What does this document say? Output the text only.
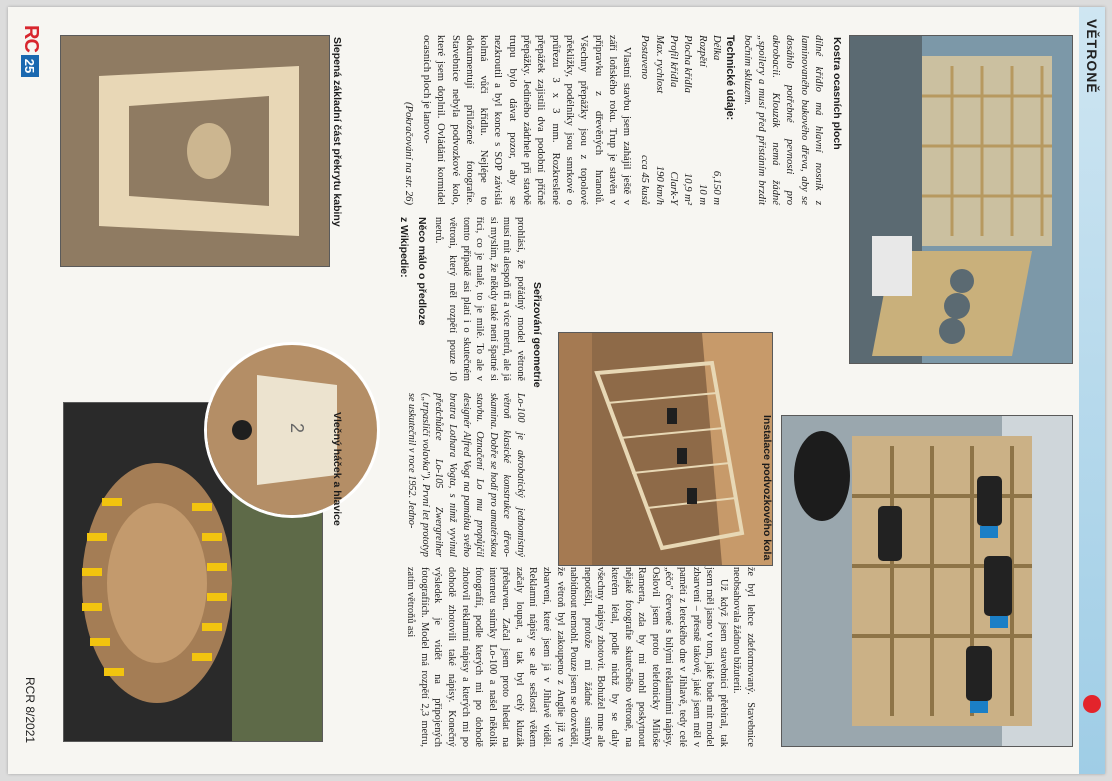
VĚTRONĚ
2
Kostra ocasních ploch
Instalace podvozkového kola
Seřizování geometrie
Vlečný háček a hlavice
Slepená základní část překrytu kabiny	dílné křídlo má hlavní nosník z laminovaného bukového dřeva, aby se dosáhlo potřebné pevnosti pro akrobacii. Klouzák nemá žádné „spoilery a musí před přistáním brzdit bočním skluzem.

Technické údaje:
Délka
6,150 m
Rozpětí
10 m
Plocha křídla
10,9 m²
Profil křídla
Clark-Y
Max. rychlost
190 km/h
Postaveno
cca 45 kusů

Vlastní stavbu jsem zahájil ještě v září loňského roku. Trup je stavěn v přípravku z dřevěných hranolů. Všechny přepážky jsou z topolové překližky, podélníky jsou smrkové o průřezu 3 x 3 mm. Rozkreslené přepážek zajistili dva podobní příčně přepážky. Jediného zádrhele při stavbě trupu bylo dávat pozor, aby se nezkroutil a byl konce s SOP závislá kolmá vůči křídlu. Nejlépe to dokumentují přiložené fotografie. Stavebnice nebyla podvozkové kolo, které jsem doplnil. Ovládání kormidel ocasních ploch je lanovo-

(Pokračování na str. 26)

že byl lehce zdeformovaný. Stavebnice neobsahovala žádnou bižuterii.

Už když jsem stavebnici přebíral, tak jsem měl jasno v tom, jaké bude mít model zbarvení – přesně takové, jaké jsem měl v paměti z leteckého dne v Jihlavě, tedy celé „éčo" červené s bílými reklamními nápisy. Oslovil jsem proto telefonicky Miloše Ramerta, zda by mi mohl poskytnout nějaké fotografie skutečného větroně, na kterém létal, podle nichž by se daly všechny nápisy zhotovit. Bohužel mne ale nepotěšil, protože mi žádné snímky nabídnout nemohl. Pouze jsem se dozvěděl, že větroň byl zakoupeno z Anglie již ve zbarvení, které jsem já v Jihlavě viděl. Reklamní nápisy se ale sešlostí věkem začaly loupat, a tak byl celý kluzák přebarven. Začal jsem proto hledat na internetu snímky Lo-100 a našel několik fotografií, podle kterých mi po dohodě zhotovil reklamní nápisy a kterých mi po dohodě zhotovili také nápisy. Konečný výsledek je vidět na připojených fotografiích. Model má rozpětí 2,3 metru, zatím větroňů asi

prohlásí, že pořádný model větroně musí mít alespoň tři a více metrů, ale já si myslím, že někdy také není špatné si říci, co je malé, to je milé. To ale v tomto případě asi platí i o skutečném větroni, který měl rozpětí pouze 10 metrů.

Něco málo o předloze
z Wikipedie:

Lo-100 je akrobatický jednomístný větroň klasické konstrukce dřevo-skamina. Dobře se hodí pro amatérskou stavbu. Označení Lo mu propůjčil designér Alfred Vogt na památku svého bratra Lothara Vogta, s nímž vyvinul předchůdce Lo-105 Zwergreiher („trpasličí volavka"). První let prototyp se uskutečnil v roce 1952. Jedno-

RC
25
RCR 8/2021
